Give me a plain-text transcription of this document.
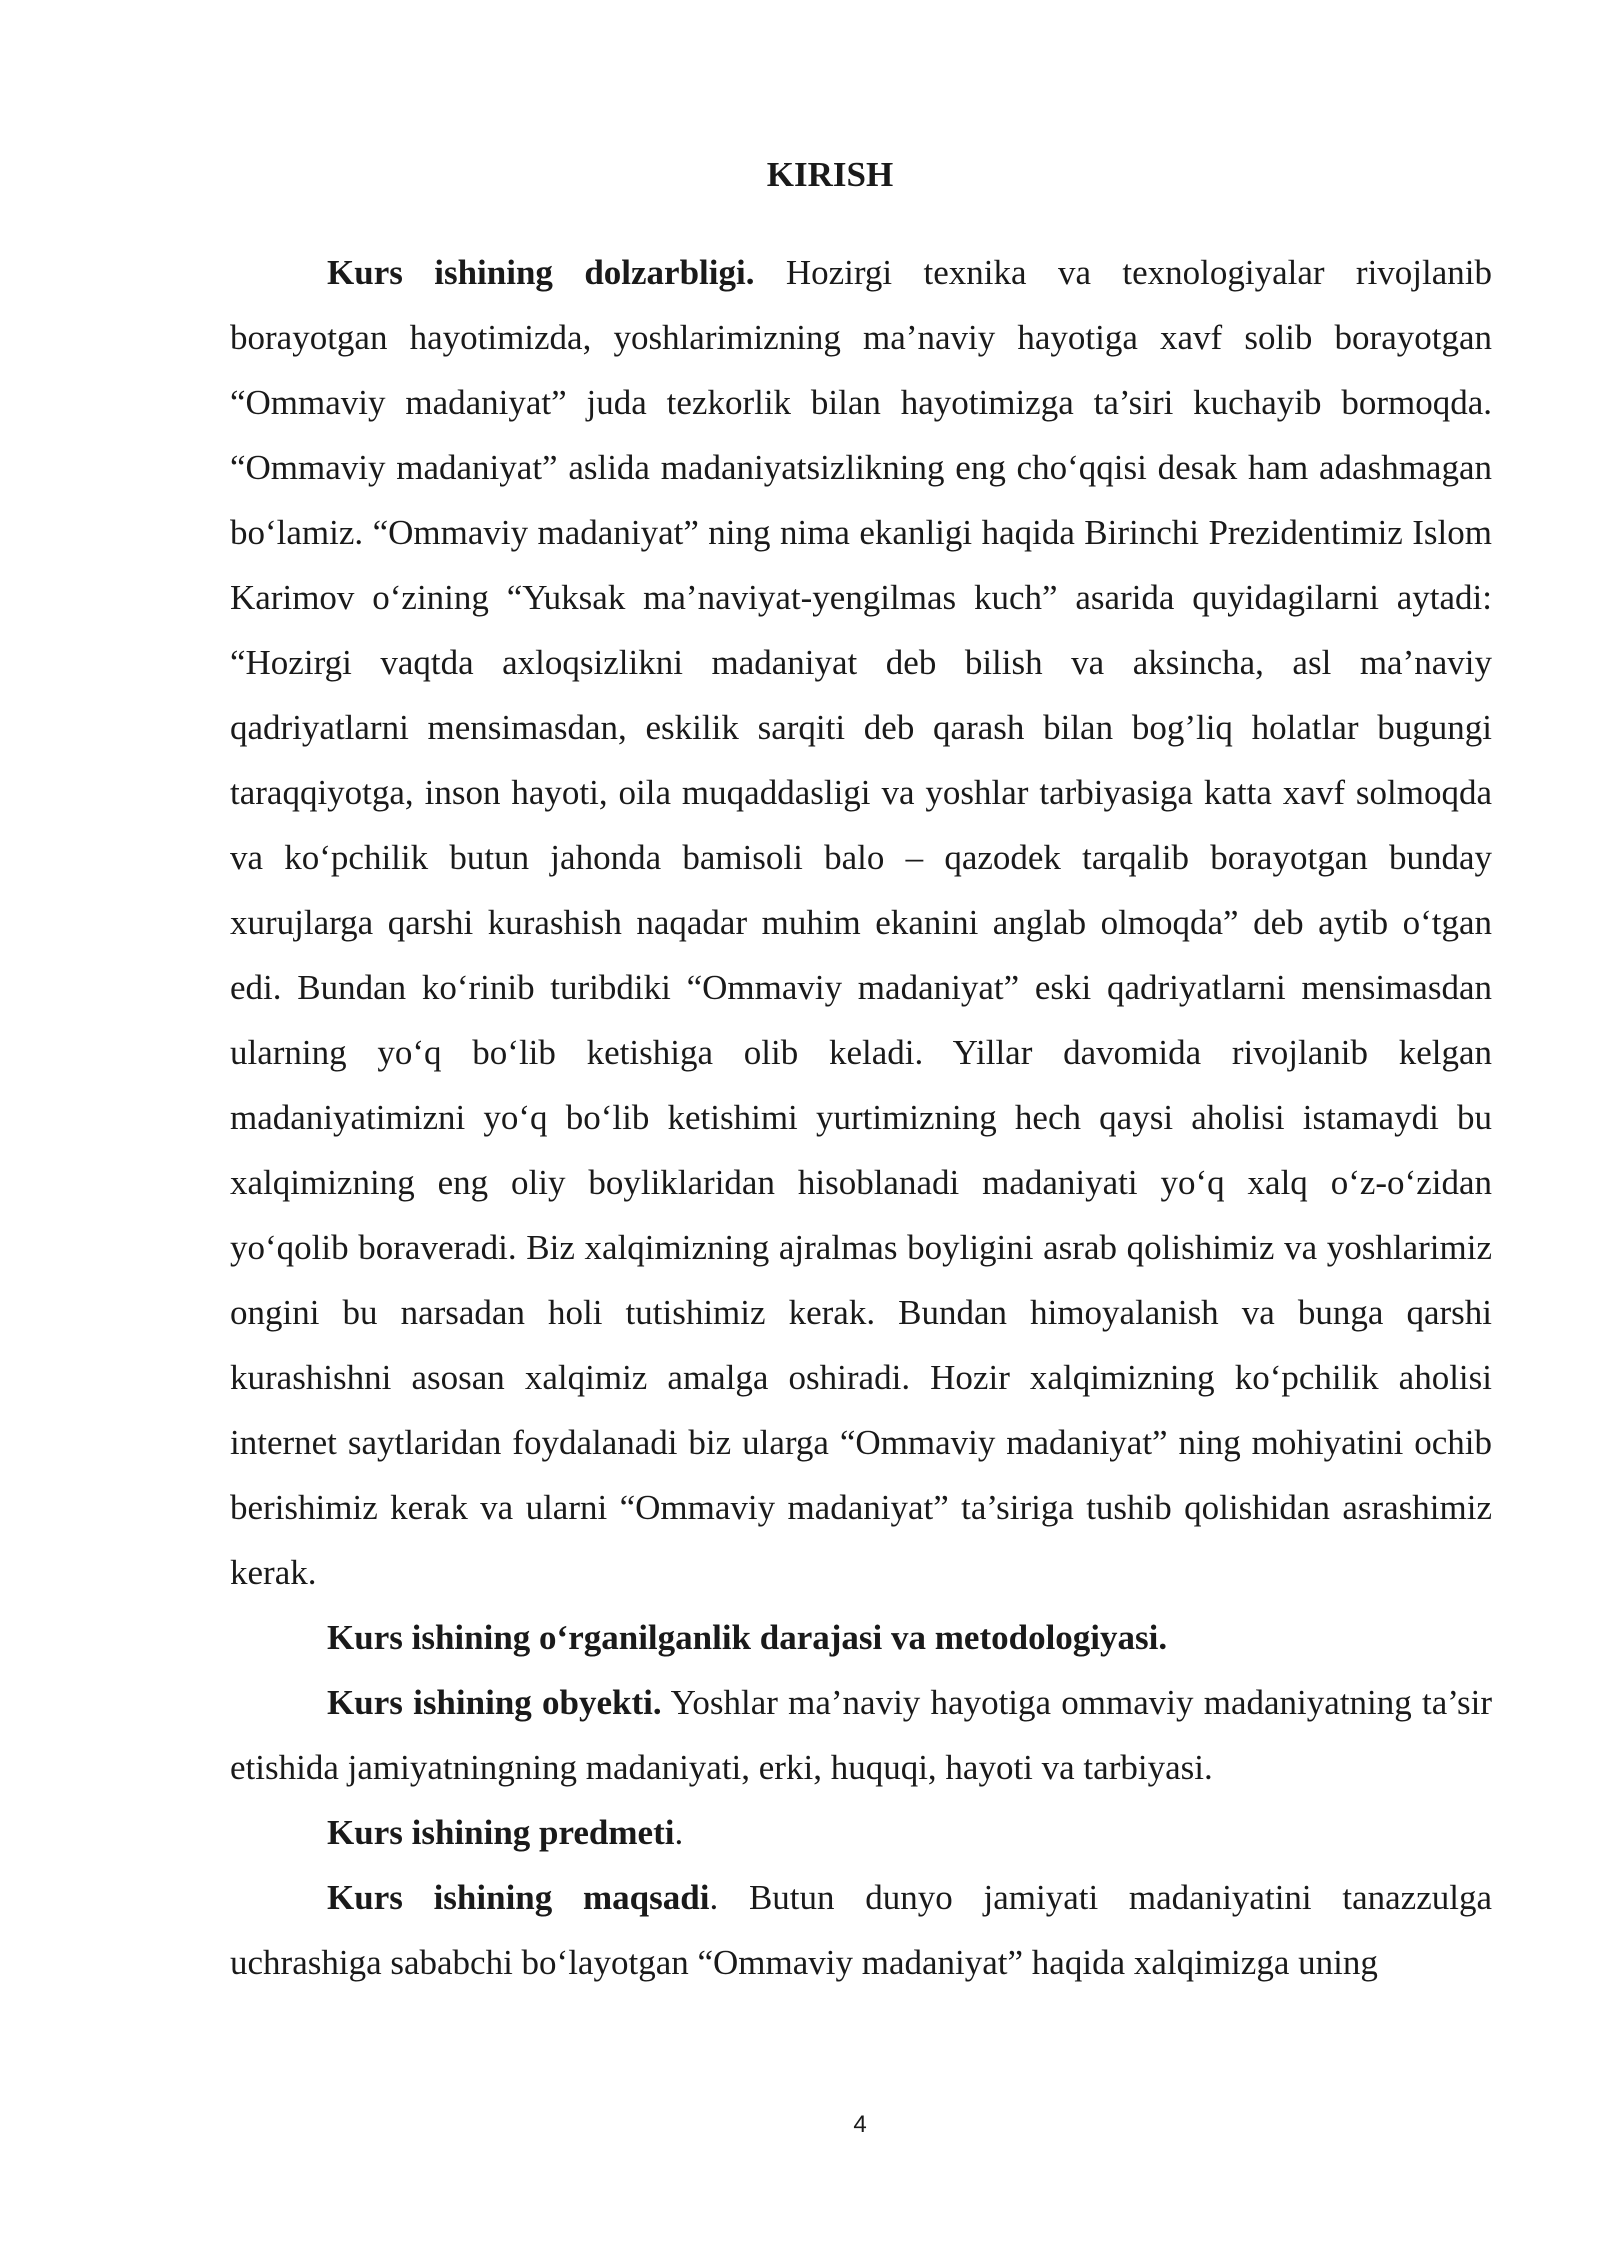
KIRISH

Kurs ishining dolzarbligi. Hozirgi texnika va texnologiyalar rivojlanib borayotgan hayotimizda, yoshlarimizning ma’naviy hayotiga xavf solib borayotgan “Ommaviy madaniyat” juda tezkorlik bilan hayotimizga ta’siri kuchayib bormoqda. “Ommaviy madaniyat” aslida madaniyatsizlikning eng cho‘qqisi desak ham adashmagan bo‘lamiz. “Ommaviy madaniyat” ning nima ekanligi haqida Birinchi Prezidentimiz Islom Karimov o‘zining “Yuksak ma’naviyat-yengilmas kuch” asarida quyidagilarni aytadi: “Hozirgi vaqtda axloqsizlikni madaniyat deb bilish va aksincha, asl ma’naviy qadriyatlarni mensimasdan, eskilik sarqiti deb qarash bilan bog’liq holatlar bugungi taraqqiyotga, inson hayoti, oila muqaddasligi va yoshlar tarbiyasiga katta xavf solmoqda va ko‘pchilik butun jahonda bamisoli balo – qazodek tarqalib borayotgan bunday xurujlarga qarshi kurashish naqadar muhim ekanini anglab olmoqda” deb aytib o‘tgan edi. Bundan ko‘rinib turibdiki “Ommaviy madaniyat” eski qadriyatlarni mensimasdan ularning yo‘q bo‘lib ketishiga olib keladi. Yillar davomida rivojlanib kelgan madaniyatimizni yo‘q bo‘lib ketishimi yurtimizning hech qaysi aholisi istamaydi bu xalqimizning eng oliy boyliklaridan hisoblanadi madaniyati yo‘q xalq o‘z-o‘zidan yo‘qolib boraveradi. Biz xalqimizning ajralmas boyligini asrab qolishimiz va yoshlarimiz ongini bu narsadan holi tutishimiz kerak. Bundan himoyalanish va bunga qarshi kurashishni asosan xalqimiz amalga oshiradi. Hozir xalqimizning ko‘pchilik aholisi internet saytlaridan foydalanadi biz ularga “Ommaviy madaniyat” ning mohiyatini ochib berishimiz kerak va ularni “Ommaviy madaniyat” ta’siriga tushib qolishidan asrashimiz kerak.

Kurs ishining o‘rganilganlik darajasi va metodologiyasi.

Kurs ishining obyekti. Yoshlar ma’naviy hayotiga ommaviy madaniyatning ta’sir etishida jamiyatningning madaniyati, erki, huquqi, hayoti va tarbiyasi.

Kurs ishining predmeti.

Kurs ishining maqsadi. Butun dunyo jamiyati madaniyatini tanazzulga uchrashiga sababchi bo‘layotgan “Ommaviy madaniyat” haqida xalqimizga uning

4
